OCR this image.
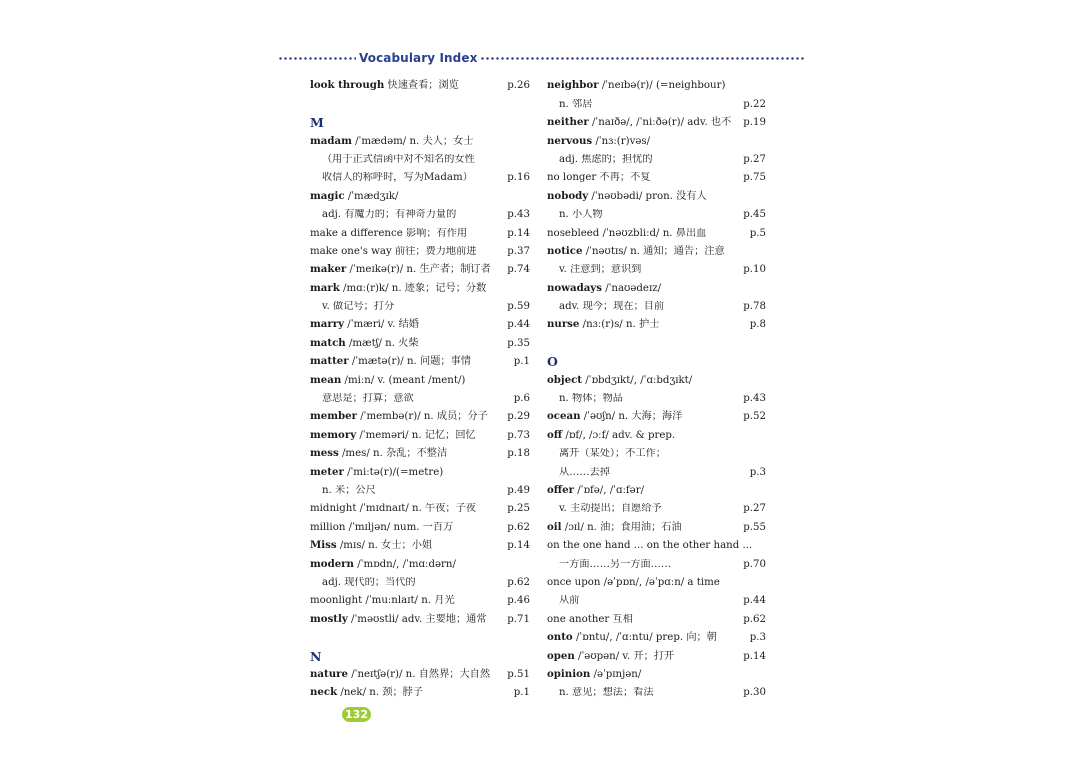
Vocabulary Index
look through 快速查看；浏览	p.26
M
madam /ˈmædəm/ n. 夫人；女士
（用于正式信函中对不知名的女性
收信人的称呼时，写为Madam）	p.16
magic /ˈmædʒɪk/
adj. 有魔力的；有神奇力量的	p.43
make a difference 影响；有作用	p.14
make one's way 前往；费力地前进	p.37
maker /ˈmeɪkə(r)/ n. 生产者；制订者	p.74
mark /mɑː(r)k/ n. 迹象；记号；分数
v. 做记号；打分	p.59
marry /ˈmæri/ v. 结婚	p.44
match /mætʃ/ n. 火柴	p.35
matter /ˈmætə(r)/ n. 问题；事情	p.1
mean /miːn/ v. (meant /ment/)
意思是；打算；意欲	p.6
member /ˈmembə(r)/ n. 成员；分子	p.29
memory /ˈmeməri/ n. 记忆；回忆	p.73
mess /mes/ n. 杂乱；不整洁	p.18
meter /ˈmiːtə(r)/(=metre)
n. 米；公尺	p.49
midnight /ˈmɪdnaɪt/ n. 午夜；子夜	p.25
million /ˈmɪljən/ num. 一百万	p.62
Miss /mɪs/ n. 女士；小姐	p.14
modern /ˈmɒdn/, /ˈmɑːdərn/
adj. 现代的；当代的	p.62
moonlight /ˈmuːnlaɪt/ n. 月光	p.46
mostly /ˈməʊstli/ adv. 主要地；通常	p.71
N
nature /ˈneɪtʃə(r)/ n. 自然界；大自然	p.51
neck /nek/ n. 颈；脖子	p.1
neighbor /ˈneɪbə(r)/ (=neighbour)
n. 邻居	p.22
neither /ˈnaɪðə/, /ˈniːðə(r)/ adv. 也不	p.19
nervous /ˈnɜː(r)vəs/
adj. 焦虑的；担忧的	p.27
no longer 不再；不复	p.75
nobody /ˈnəʊbədi/ pron. 没有人
n. 小人物	p.45
nosebleed /ˈnəʊzbliːd/ n. 鼻出血	p.5
notice /ˈnəʊtɪs/ n. 通知；通告；注意
v. 注意到；意识到	p.10
nowadays /ˈnaʊədeɪz/
adv. 现今；现在；目前	p.78
nurse /nɜː(r)s/ n. 护士	p.8
O
object /ˈɒbdʒɪkt/, /ˈɑːbdʒɪkt/
n. 物体；物品	p.43
ocean /ˈəʊʃn/ n. 大海；海洋	p.52
off /ɒf/, /ɔːf/ adv. & prep.
离开（某处）；不工作；
从……去掉	p.3
offer /ˈɒfə/, /ˈɑːfər/
v. 主动提出；自愿给予	p.27
oil /ɔɪl/ n. 油；食用油；石油	p.55
on the one hand ... on the other hand ...
一方面……另一方面……	p.70
once upon /əˈpɒn/, /əˈpɑːn/ a time
从前	p.44
one another 互相	p.62
onto /ˈɒntu/, /ˈɑːntu/ prep. 向；朝	p.3
open /ˈəʊpən/ v. 开；打开	p.14
opinion /əˈpɪnjən/
n. 意见；想法；看法	p.30
132
